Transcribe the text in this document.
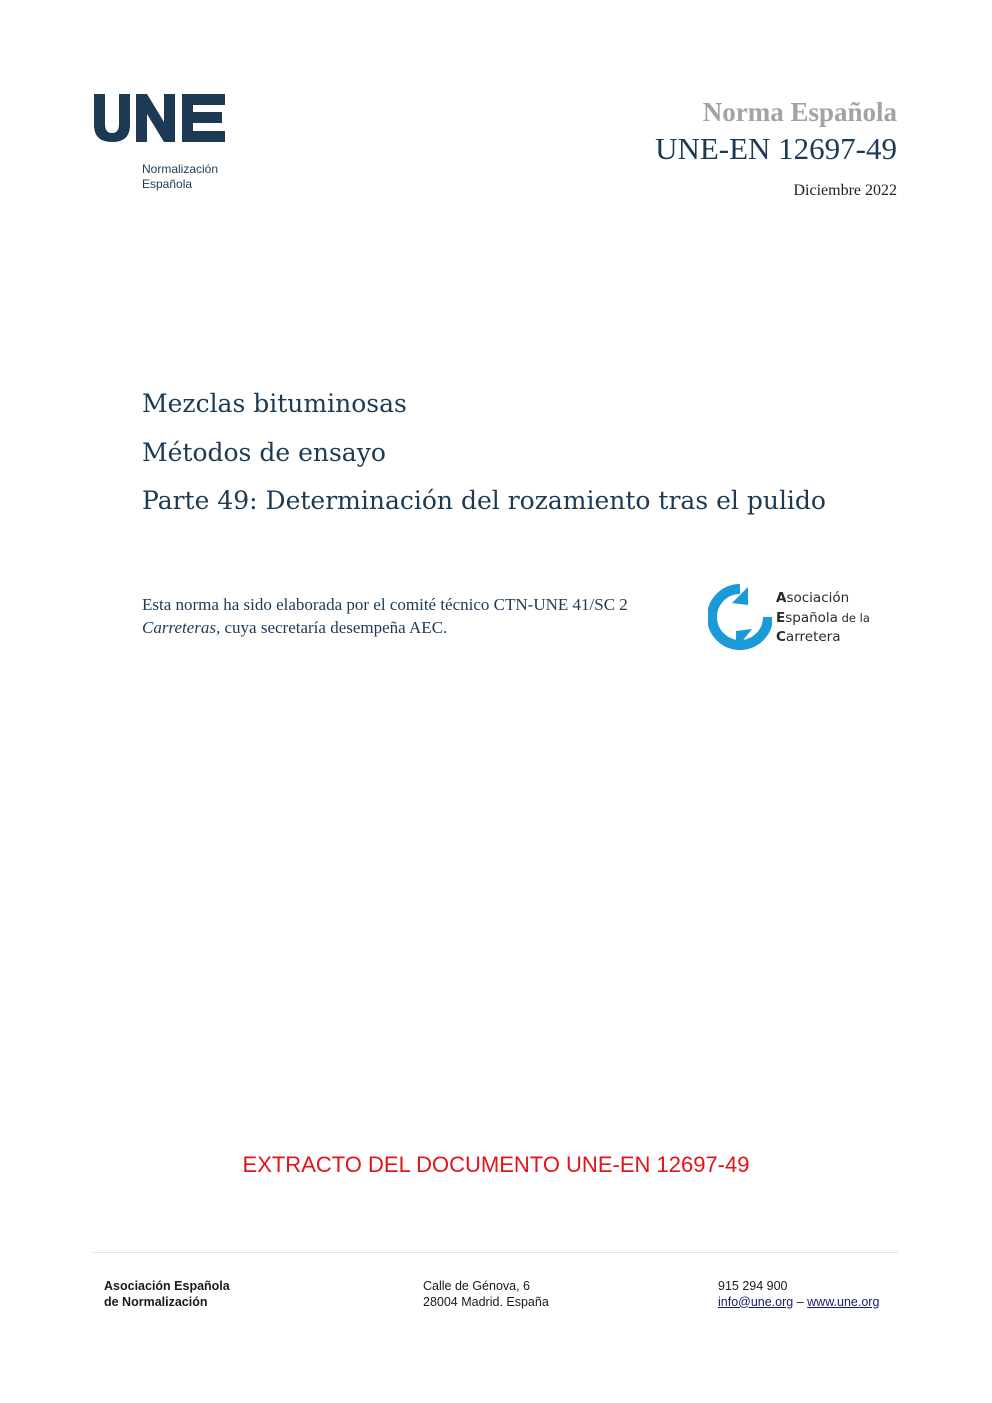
Normalización
Española
Norma Española
UNE-EN 12697-49
Diciembre 2022
Mezclas bituminosas
Métodos de ensayo
Parte 49: Determinación del rozamiento tras el pulido
Esta norma ha sido elaborada por el comité técnico CTN-UNE 41/SC 2 Carreteras, cuya secretaría desempeña AEC.
Asociación
Española de la
Carretera
EXTRACTO DEL DOCUMENTO UNE-EN 12697-49
Asociación Española
de Normalización
Calle de Génova, 6
28004 Madrid. España
915 294 900
info@une.org – www.une.org
